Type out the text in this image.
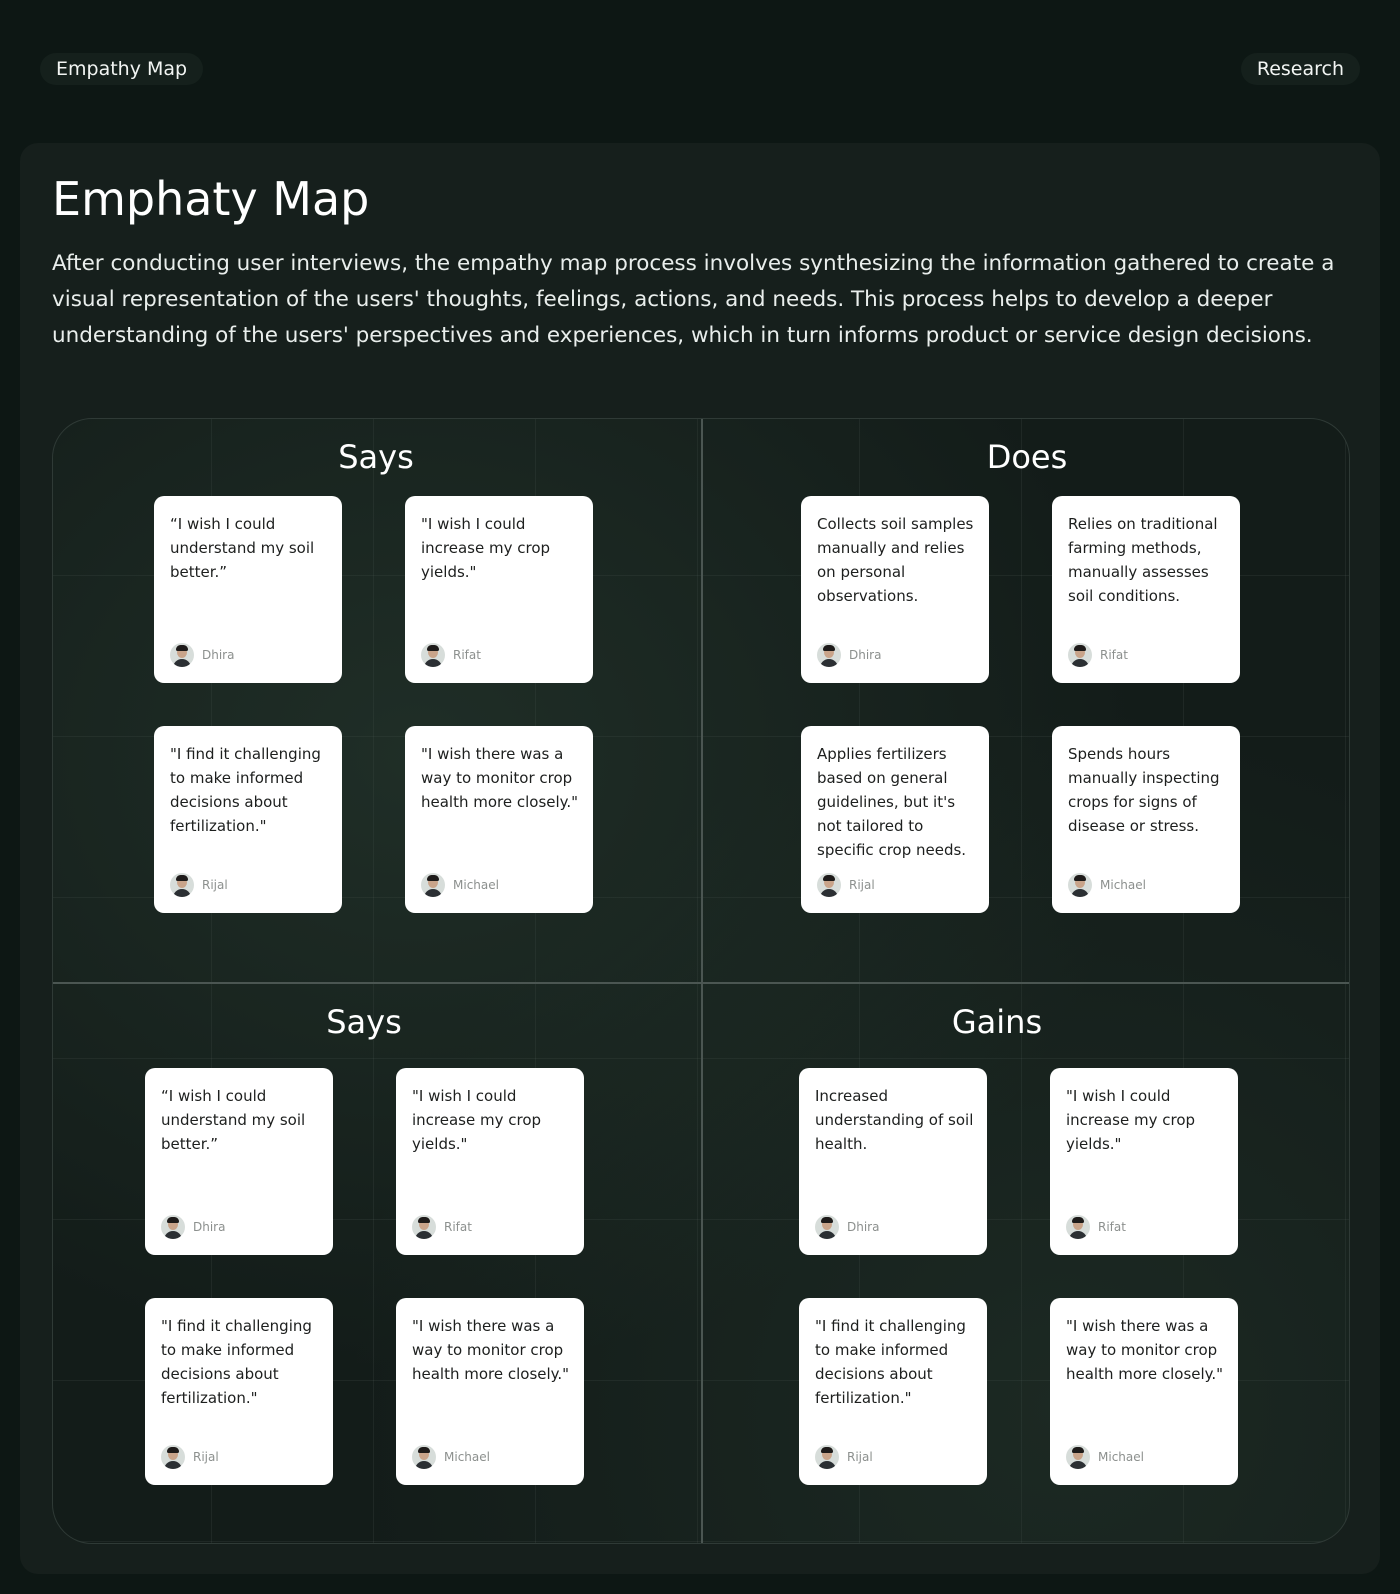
Empathy Map	Research
Emphaty Map

After conducting user interviews, the empathy map process involves synthesizing the information gathered to create a visual representation of the users' thoughts, feelings, actions, and needs. This process helps to develop a deeper understanding of the users' perspectives and experiences, which in turn informs product or service design decisions.

Says
“I wish I could understand my soil better.”
Dhira
"I wish I could increase my crop yields."
Rifat
"I find it challenging to make informed decisions about fertilization."
Rijal
"I wish there was a way to monitor crop health more closely."
Michael
Does
Collects soil samples manually and relies on personal observations.
Dhira
Relies on traditional farming methods, manually assesses soil conditions.
Rifat
Applies fertilizers based on general guidelines, but it's not tailored to specific crop needs.
Rijal
Spends hours manually inspecting crops for signs of disease or stress.
Michael
Says
“I wish I could understand my soil better.”
Dhira
"I wish I could increase my crop yields."
Rifat
"I find it challenging to make informed decisions about fertilization."
Rijal
"I wish there was a way to monitor crop health more closely."
Michael
Gains
Increased understanding of soil health.
Dhira
"I wish I could increase my crop yields."
Rifat
"I find it challenging to make informed decisions about fertilization."
Rijal
"I wish there was a way to monitor crop health more closely."
Michael
